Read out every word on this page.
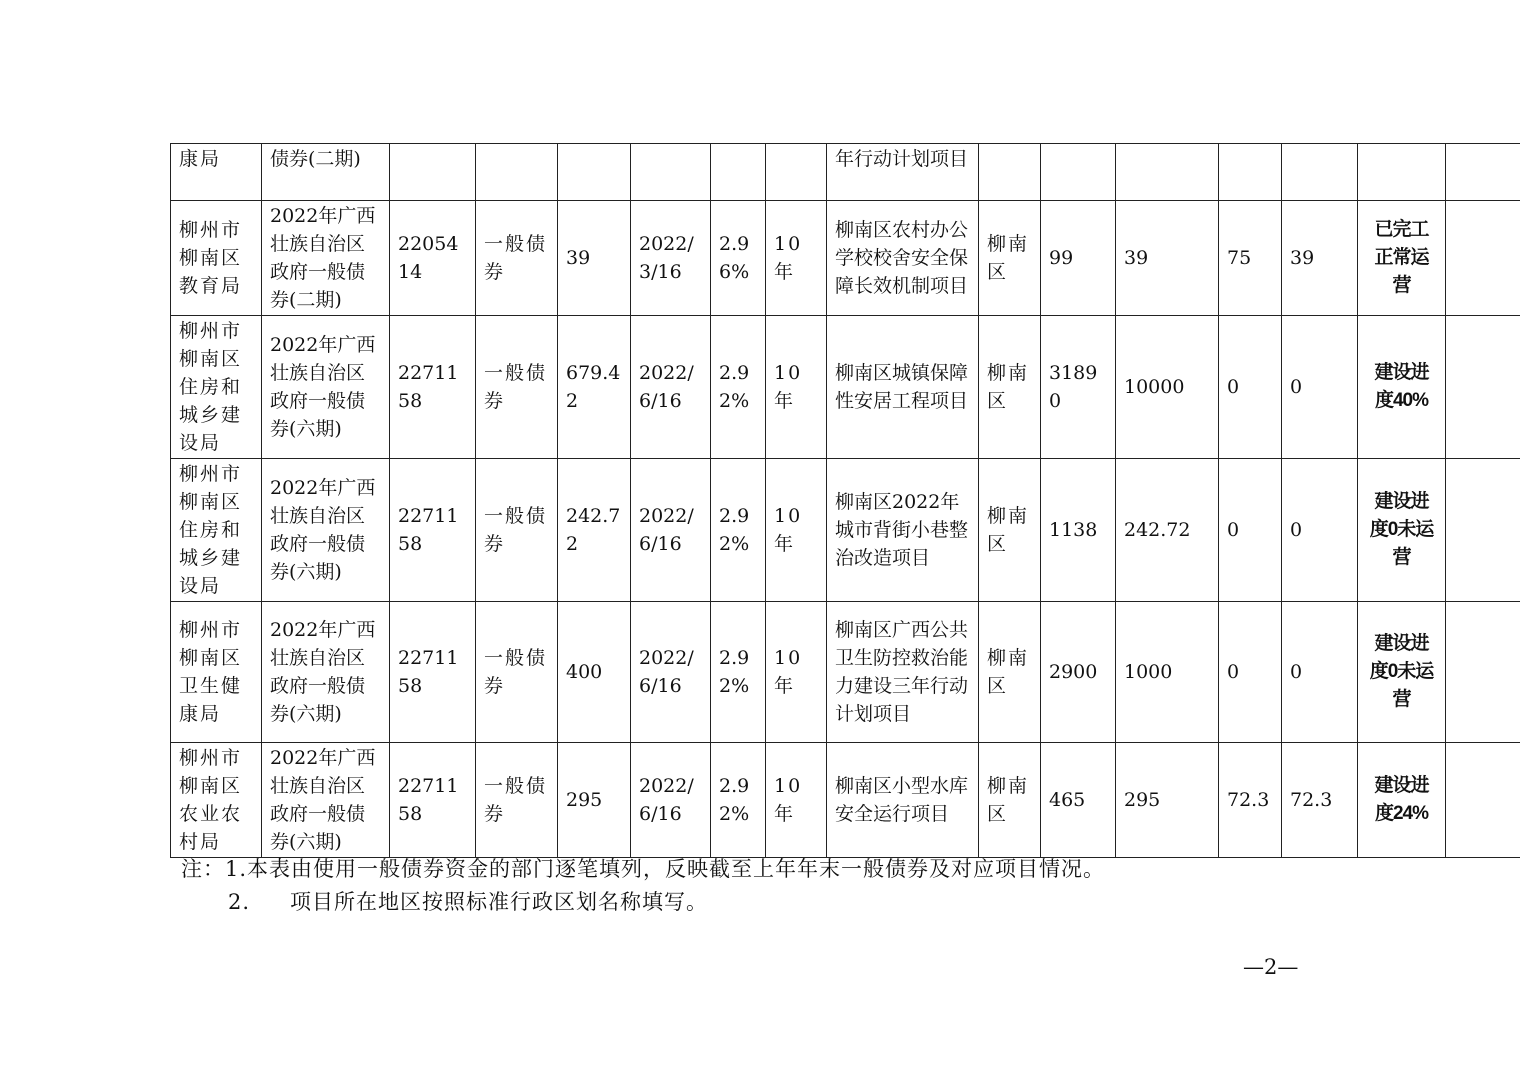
康局	债券(二期)							年行动计划项目							
柳州市柳南区教育局	2022年广西壮族自治区政府一般债券(二期)	2205414	一般债券	39	2022/3/16	2.96%	10年	柳南区农村办公学校校舍安全保障长效机制项目	柳南区	99	39	75	39	已完工正常运营	
柳州市柳南区住房和城乡建设局	2022年广西壮族自治区政府一般债券(六期)	2271158	一般债券	679.42	2022/6/16	2.92%	10年	柳南区城镇保障性安居工程项目	柳南区	31890	10000	0	0	建设进度40%	
柳州市柳南区住房和城乡建设局	2022年广西壮族自治区政府一般债券(六期)	2271158	一般债券	242.72	2022/6/16	2.92%	10年	柳南区2022年城市背街小巷整治改造项目	柳南区	1138	242.72	0	0	建设进度0未运营	
柳州市柳南区卫生健康局	2022年广西壮族自治区政府一般债券(六期)	2271158	一般债券	400	2022/6/16	2.92%	10年	柳南区广西公共卫生防控救治能力建设三年行动计划项目	柳南区	2900	1000	0	0	建设进度0未运营	
柳州市柳南区农业农村局	2022年广西壮族自治区政府一般债券(六期)	2271158	一般债券	295	2022/6/16	2.92%	10年	柳南区小型水库安全运行项目	柳南区	465	295	72.3	72.3	建设进度24%	
注：1.本表由使用一般债券资金的部门逐笔填列，反映截至上年年末一般债券及对应项目情况。
2. 项目所在地区按照标准行政区划名称填写。
—2—
